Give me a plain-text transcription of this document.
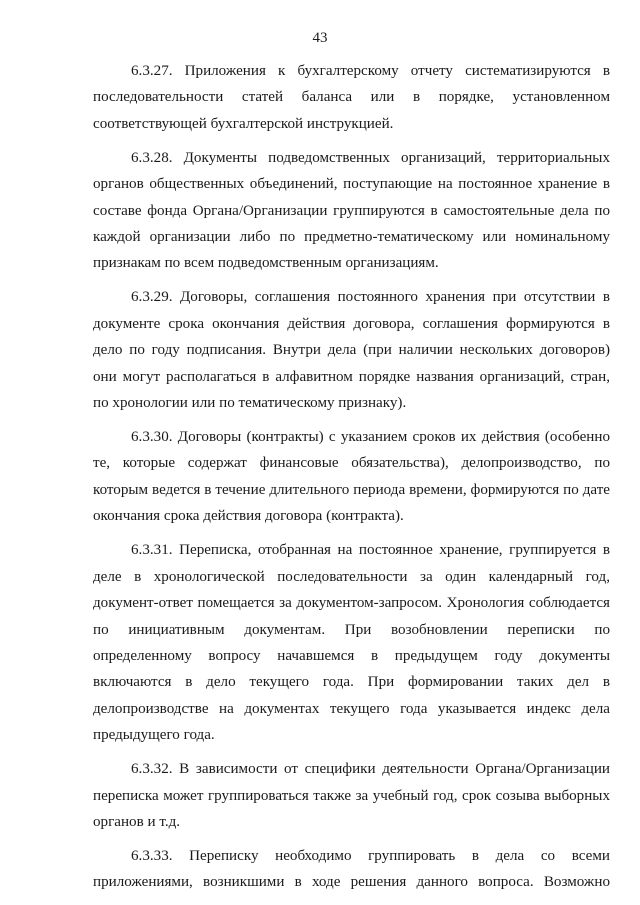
43

6.3.27. Приложения к бухгалтерскому отчету систематизируются в последовательности статей баланса или в порядке, установленном соответствующей бухгалтерской инструкцией.

6.3.28. Документы подведомственных организаций, территориальных органов общественных объединений, поступающие на постоянное хранение в составе фонда Органа/Организации группируются в самостоятельные дела по каждой организации либо по предметно-тематическому или номинальному признакам по всем подведомственным организациям.

6.3.29. Договоры, соглашения постоянного хранения при отсутствии в документе срока окончания действия договора, соглашения формируются в дело по году подписания. Внутри дела (при наличии нескольких договоров) они могут располагаться в алфавитном порядке названия организаций, стран, по хронологии или по тематическому признаку).

6.3.30. Договоры (контракты) с указанием сроков их действия (особенно те, которые содержат финансовые обязательства), делопроизводство, по которым ведется в течение длительного периода времени, формируются по дате окончания срока действия договора (контракта).

6.3.31. Переписка, отобранная на постоянное хранение, группируется в деле в хронологической последовательности за один календарный год, документ-ответ помещается за документом-запросом. Хронология соблюдается по инициативным документам. При возобновлении переписки по определенному вопросу начавшемся в предыдущем году документы включаются в дело текущего года. При формировании таких дел в делопроизводстве на документах текущего года указывается индекс дела предыдущего года.

6.3.32. В зависимости от специфики деятельности Органа/Организации переписка может группироваться также за учебный год, срок созыва выборных органов и т.д.

6.3.33. Переписку необходимо группировать в дела со всеми приложениями, возникшими в ходе решения данного вопроса. Возможно
